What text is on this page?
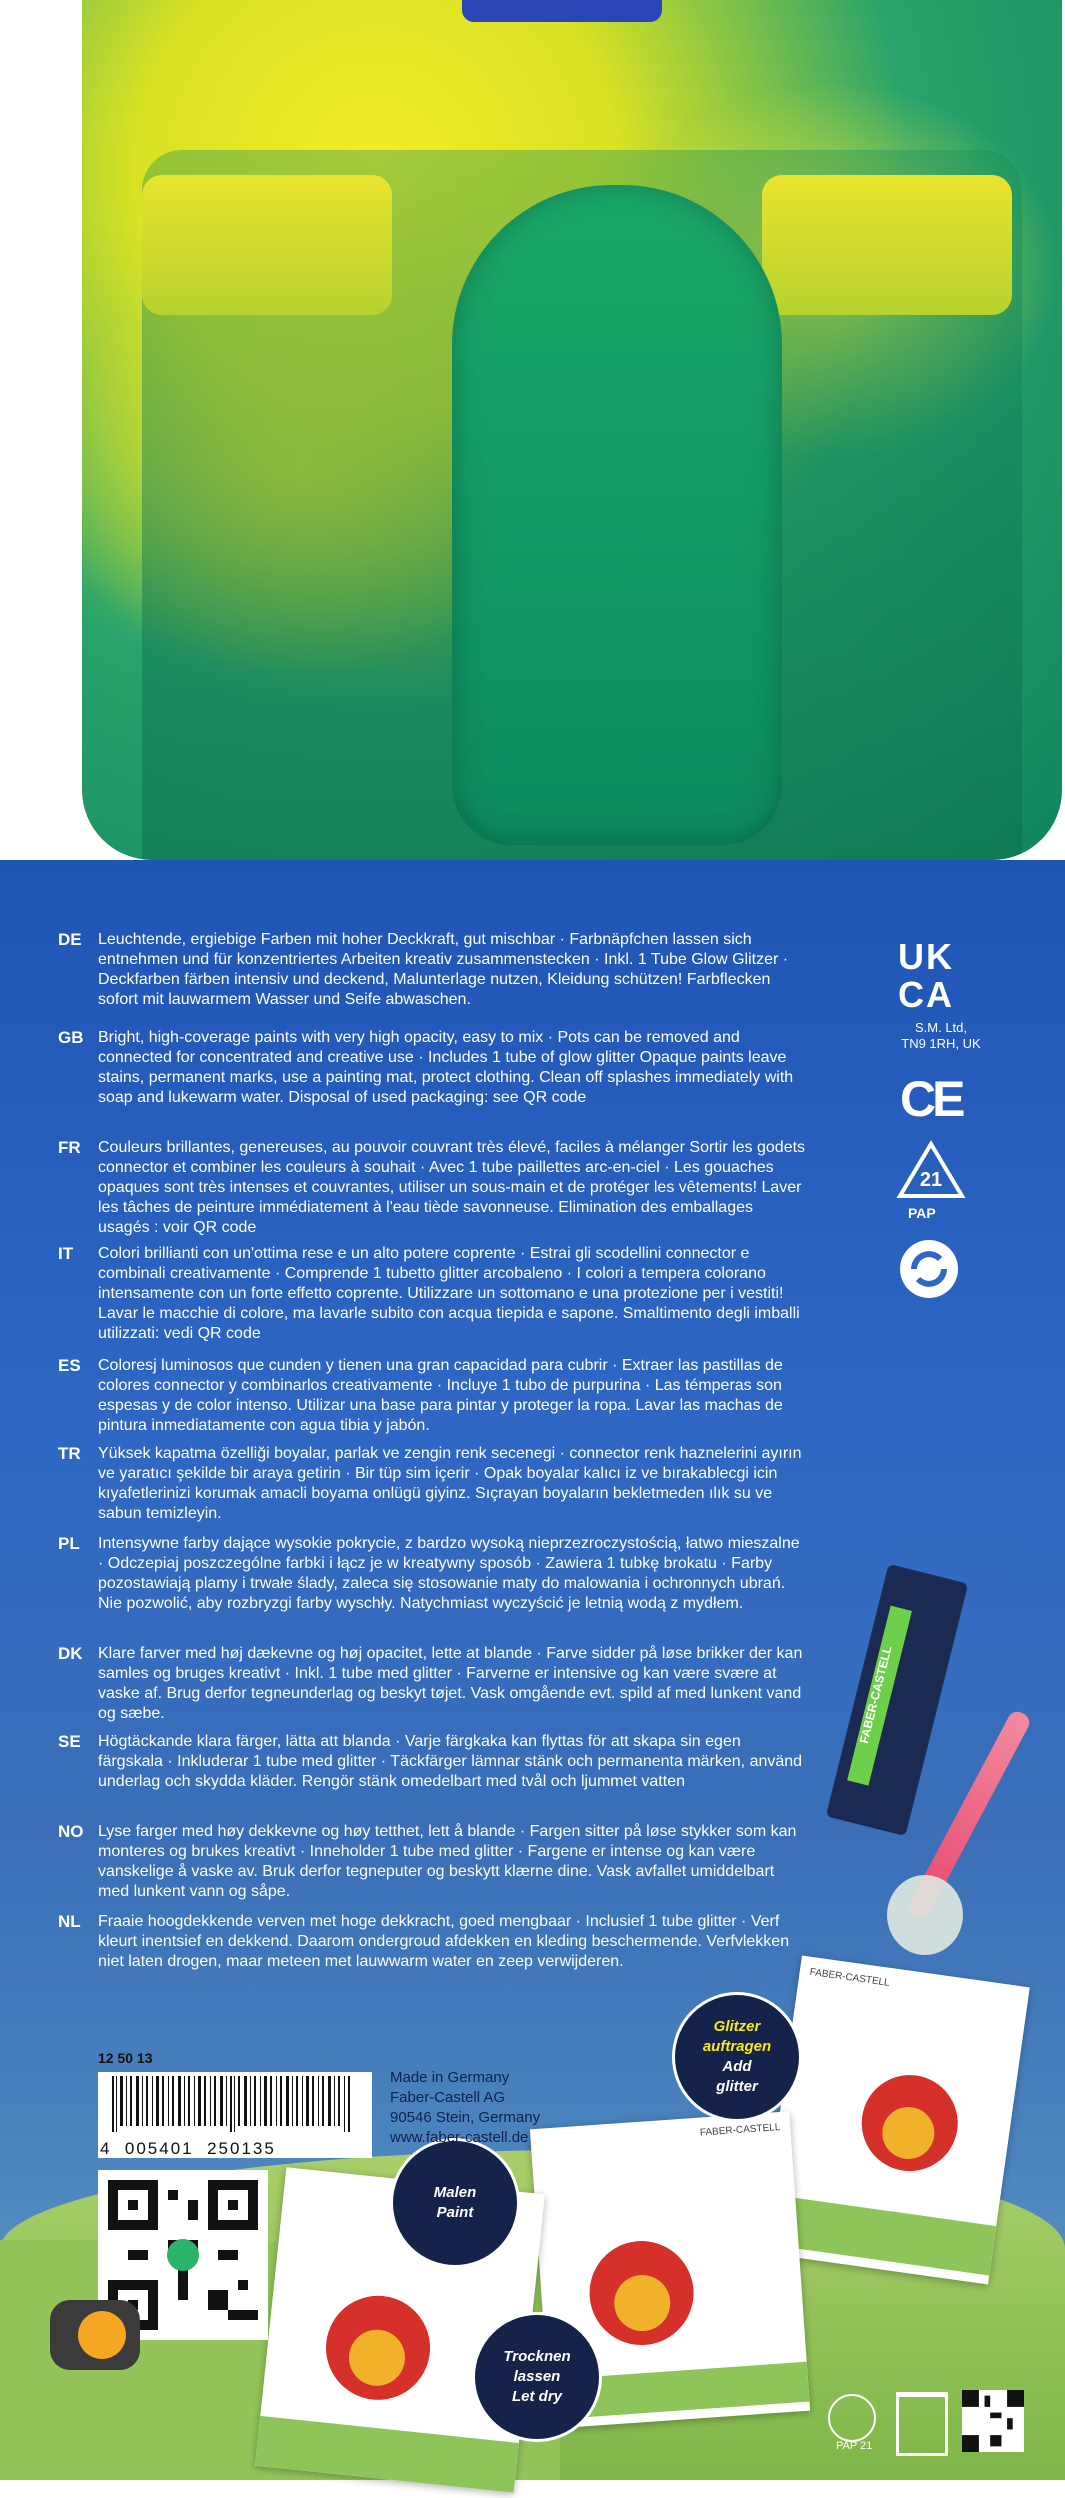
DE	Leuchtende, ergiebige Farben mit hoher Deckkraft, gut mischbar · Farbnäpfchen lassen sich entnehmen und für konzentriertes Arbeiten kreativ zusammenstecken · Inkl. 1 Tube Glow Glitzer · Deckfarben färben intensiv und deckend, Malunterlage nutzen, Kleidung schützen! Farbflecken sofort mit lauwarmem Wasser und Seife abwaschen.
GB Bright, high-coverage paints with very high opacity, easy to mix · Pots can be removed and connected for concentrated and creative use · Includes 1 tube of glow glitter Opaque paints leave stains, permanent marks, use a painting mat, protect clothing. Clean off splashes immediately with soap and lukewarm water. Disposal of used packaging: see QR code
FR	Couleurs brillantes, genereuses, au pouvoir couvrant très élevé, faciles à mélanger Sortir les godets connector et combiner les couleurs à souhait · Avec 1 tube paillettes arc-en-ciel · Les gouaches opaques sont très intenses et couvrantes, utiliser un sous-main et de protéger les vêtements! Laver les tâches de peinture immédiatement à l'eau tiède savonneuse. Elimination des emballages usagés : voir QR code
IT	Colori brillianti con un'ottima rese e un alto potere coprente · Estrai gli scodellini connector e combinali creativamente · Comprende 1 tubetto glitter arcobaleno · I colori a tempera colorano intensamente con un forte effetto coprente. Utilizzare un sottomano e una protezione per i vestiti! Lavar le macchie di colore, ma lavarle subito con acqua tiepida e sapone. Smaltimento degli imballi utilizzati: vedi QR code
ES	Coloresj luminosos que cunden y tienen una gran capacidad para cubrir · Extraer las pastillas de colores connector y combinarlos creativamente · Incluye 1 tubo de purpurina · Las témperas son espesas y de color intenso. Utilizar una base para pintar y proteger la ropa. Lavar las machas de pintura inmediatamente con agua tibia y jabón.
TR	Yüksek kapatma özelliği boyalar, parlak ve zengin renk secenegi · connector renk haznelerini ayırın ve yaratıcı şekilde bir araya getirin · Bir tüp sim içerir · Opak boyalar kalıcı iz ve bırakablecgi icin kıyafetlerinizi korumak amacli boyama onlügü giyinz. Sıçrayan boyaların bekletmeden ılık su ve sabun temizleyin.
PL	Intensywne farby dające wysokie pokrycie, z bardzo wysoką nieprzezroczystością, łatwo mieszalne · Odczepiaj poszczególne farbki i łącz je w kreatywny sposób · Zawiera 1 tubkę brokatu · Farby pozostawiają plamy i trwałe ślady, zaleca się stosowanie maty do malowania i ochronnych ubrań. Nie pozwolić, aby rozbryzgi farby wyschły. Natychmiast wyczyścić je letnią wodą z mydłem.
DK Klare farver med høj dækevne og høj opacitet, lette at blande · Farve sidder på løse brikker der kan samles og bruges kreativt · Inkl. 1 tube med glitter · Farverne er intensive og kan være svære at vaske af. Brug derfor tegneunderlag og beskyt tøjet. Vask omgående evt. spild af med lunkent vand og sæbe.
SE	Högtäckande klara färger, lätta att blanda · Varje färgkaka kan flyttas för att skapa sin egen färgskala · Inkluderar 1 tube med glitter · Täckfärger lämnar stänk och permanenta märken, använd underlag och skydda kläder. Rengör stänk omedelbart med tvål och ljummet vatten
NO Lyse farger med høy dekkevne og høy tetthet, lett å blande · Fargen sitter på løse stykker som kan monteres og brukes kreativt · Inneholder 1 tube med glitter · Fargene er intense og kan være vanskelige å vaske av. Bruk derfor tegneputer og beskytt klærne dine. Vask avfallet umiddelbart med lunkent vann og såpe.
NL	Fraaie hoogdekkende verven met hoge dekkracht, goed mengbaar · Inclusief 1 tube glitter · Verf kleurt inentsief en dekkend. Daarom ondergroud afdekken en kleding beschermende. Verfvlekken niet laten drogen, maar meteen met lauwwarm water en zeep verwijderen.
UK
CA
S.M. Ltd,
TN9 1RH, UK
CE
21
PAP
FABER-CASTELL
FABER-CASTELL
FABER-CASTELL
Glitzer
auftragen
Add
glitter
Malen
Paint
Trocknen
lassen
Let dry
12 50 13
4  005401  250135
Made in Germany
Faber-Castell AG
90546 Stein, Germany
www.faber-castell.de
PAP 21
